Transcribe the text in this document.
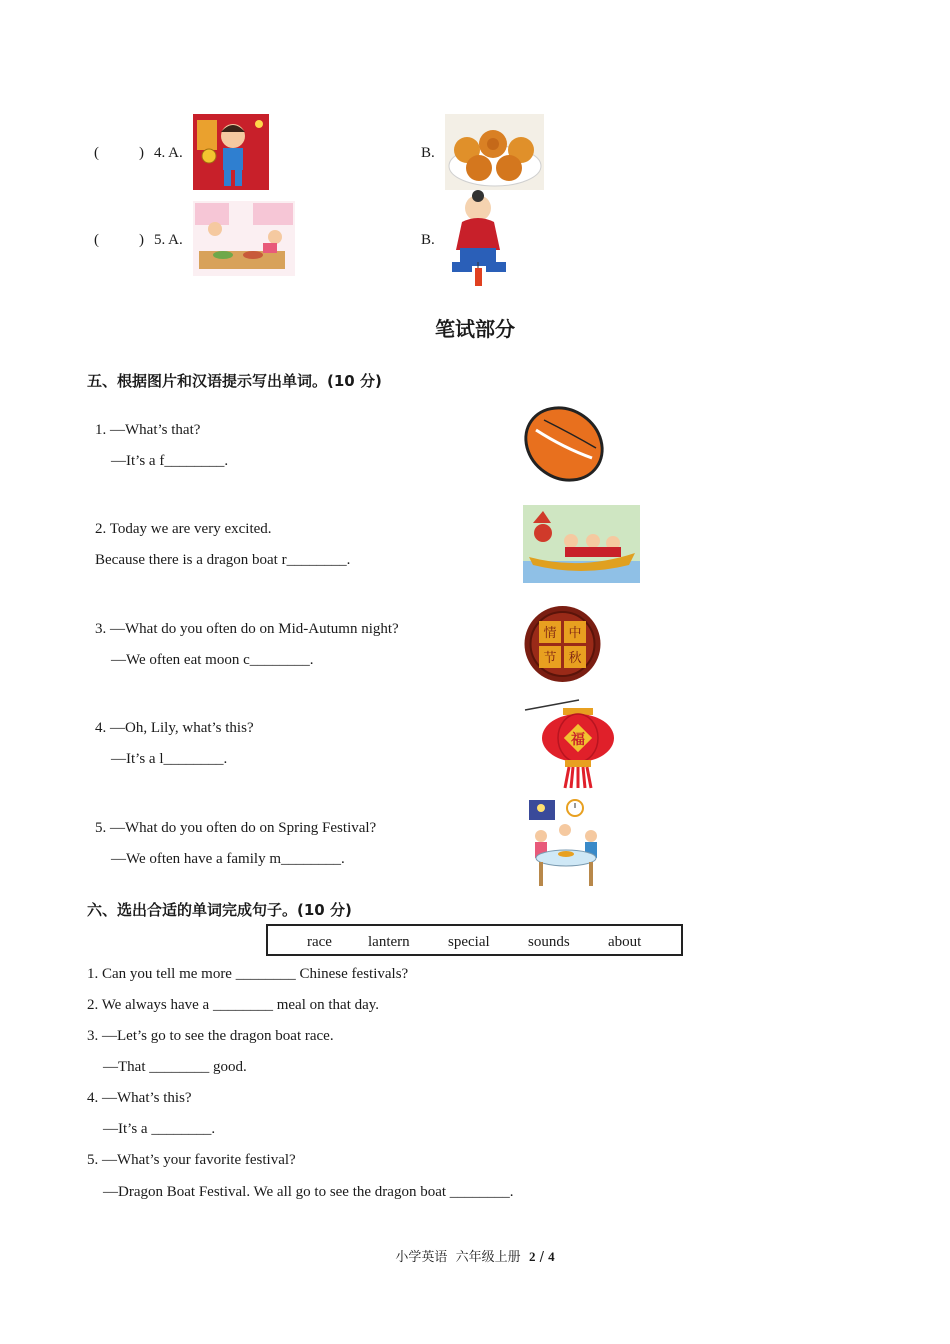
(	) 4. A.	B.
(	) 5. A.	B.
笔试部分
五、根据图片和汉语提示写出单词。(10 分)
1. —What’s that?
—It’s a f________.
2. Today we are very excited.
Because there is a dragon boat r________.
3. —What do you often do on Mid-Autumn night?
—We often eat moon c________.
情 中
节 秋
4. —Oh, Lily, what’s this?
—It’s a l________.
福
5. —What do you often do on Spring Festival?
—We often have a family m________.
六、选出合适的单词完成句子。(10 分)
race lantern	special	sounds	about
1. Can you tell me more ________ Chinese festivals?
2. We always have a ________ meal on that day.
3. —Let’s go to see the dragon boat race.
—That ________ good.
4. —What’s this?
—It’s a ________.
5. —What’s your favorite festival?
—Dragon Boat Festival. We all go to see the dragon boat ________.
小学英语 六年级上册 2 / 4
